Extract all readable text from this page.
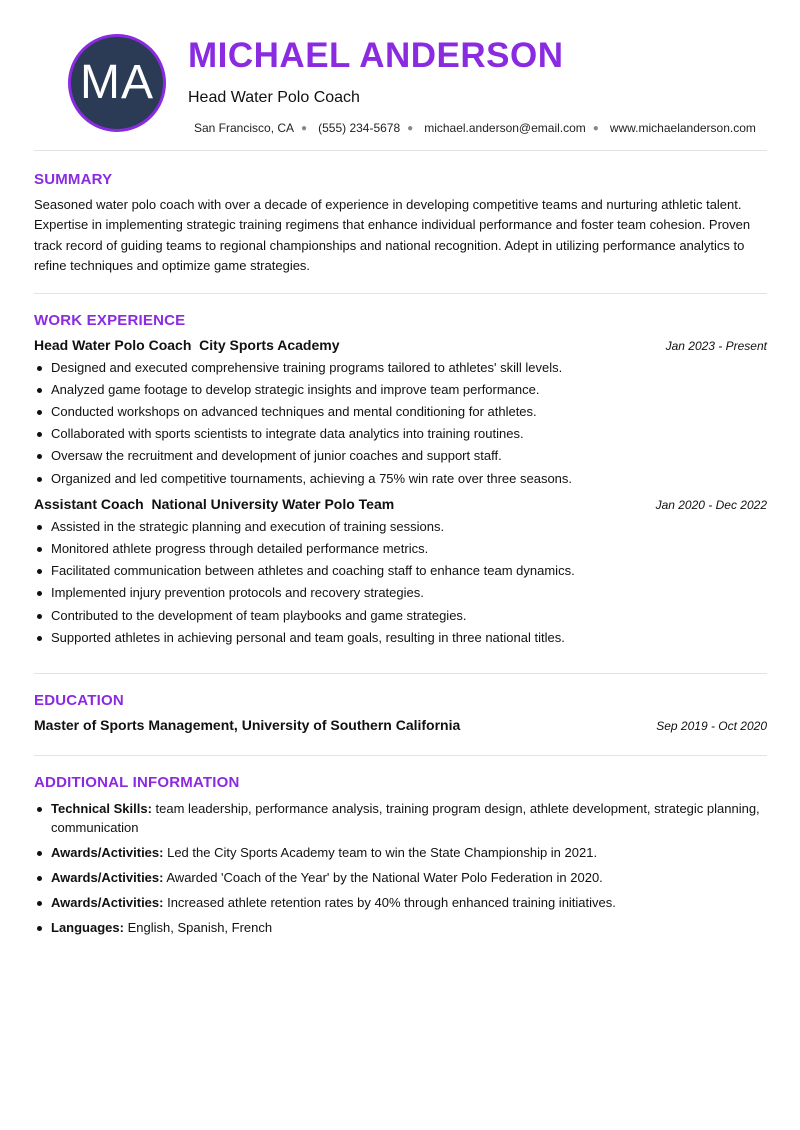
MA
MICHAEL ANDERSON
Head Water Polo Coach
San Francisco, CA ● (555) 234-5678 ● michael.anderson@email.com ● www.michaelanderson.com
SUMMARY

Seasoned water polo coach with over a decade of experience in developing competitive teams and nurturing athletic talent. Expertise in implementing strategic training regimens that enhance individual performance and foster team cohesion. Proven track record of guiding teams to regional championships and national recognition. Adept in utilizing performance analytics to refine techniques and optimize game strategies.

WORK EXPERIENCE
Head Water Polo Coach  City Sports Academy	Jan 2023 - Present
Designed and executed comprehensive training programs tailored to athletes' skill levels.
Analyzed game footage to develop strategic insights and improve team performance.
Conducted workshops on advanced techniques and mental conditioning for athletes.
Collaborated with sports scientists to integrate data analytics into training routines.
Oversaw the recruitment and development of junior coaches and support staff.
Organized and led competitive tournaments, achieving a 75% win rate over three seasons.
Assistant Coach  National University Water Polo Team	Jan 2020 - Dec 2022
Assisted in the strategic planning and execution of training sessions.
Monitored athlete progress through detailed performance metrics.
Facilitated communication between athletes and coaching staff to enhance team dynamics.
Implemented injury prevention protocols and recovery strategies.
Contributed to the development of team playbooks and game strategies.
Supported athletes in achieving personal and team goals, resulting in three national titles.
EDUCATION
Master of Sports Management, University of Southern California	Sep 2019 - Oct 2020
ADDITIONAL INFORMATION
Technical Skills: team leadership, performance analysis, training program design, athlete development, strategic planning, communication
Awards/Activities: Led the City Sports Academy team to win the State Championship in 2021.
Awards/Activities: Awarded 'Coach of the Year' by the National Water Polo Federation in 2020.
Awards/Activities: Increased athlete retention rates by 40% through enhanced training initiatives.
Languages: English, Spanish, French
